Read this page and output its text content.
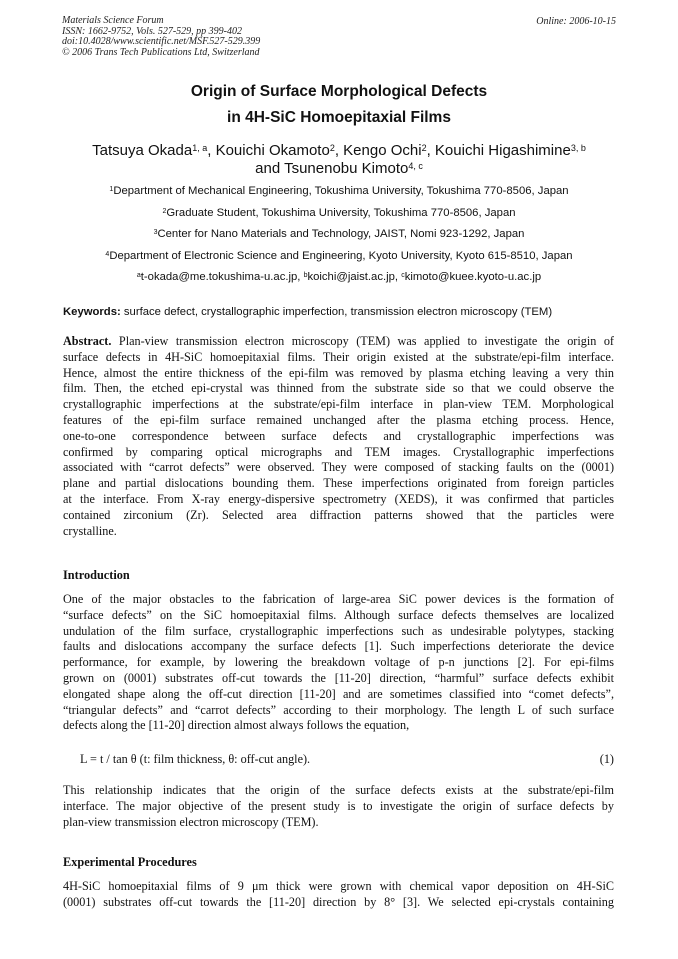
Materials Science Forum
ISSN: 1662-9752, Vols. 527-529, pp 399-402
doi:10.4028/www.scientific.net/MSF.527-529.399
© 2006 Trans Tech Publications Ltd, Switzerland
Online: 2006-10-15
Origin of Surface Morphological Defects
in 4H-SiC Homoepitaxial Films
Tatsuya Okada$^{1, a}$, Kouichi Okamoto$^2$, Kengo Ochi$^2$, Kouichi Higashimine$^{3, b}$
and Tsunenobu Kimoto$^{4, c}$
$^1$Department of Mechanical Engineering, Tokushima University, Tokushima 770-8506, Japan
$^2$Graduate Student, Tokushima University, Tokushima 770-8506, Japan
$^3$Center for Nano Materials and Technology, JAIST, Nomi 923-1292, Japan
$^4$Department of Electronic Science and Engineering, Kyoto University, Kyoto 615-8510, Japan
$^a$t-okada@me.tokushima-u.ac.jp, $^b$koichi@jaist.ac.jp, $^c$kimoto@kuee.kyoto-u.ac.jp
Keywords: surface defect, crystallographic imperfection, transmission electron microscopy (TEM)
Abstract. Plan-view transmission electron microscopy (TEM) was applied to investigate the origin of
surface defects in 4H-SiC homoepitaxial films. Their origin existed at the substrate/epi-film interface.
Hence, almost the entire thickness of the epi-film was removed by plasma etching leaving a very thin
film. Then, the etched epi-crystal was thinned from the substrate side so that we could observe the
crystallographic imperfections at the substrate/epi-film interface in plan-view TEM. Morphological
features of the epi-film surface remained unchanged after the plasma etching process. Hence,
one-to-one correspondence between surface defects and crystallographic imperfections was
confirmed by comparing optical micrographs and TEM images. Crystallographic imperfections
associated with “carrot defects” were observed. They were composed of stacking faults on the (0001)
plane and partial dislocations bounding them. These imperfections originated from foreign particles
at the interface. From X-ray energy-dispersive spectrometry (XEDS), it was confirmed that particles
contained zirconium (Zr). Selected area diffraction patterns showed that the particles were
crystalline.
Introduction
One of the major obstacles to the fabrication of large-area SiC power devices is the formation of
“surface defects” on the SiC homoepitaxial films. Although surface defects themselves are localized
undulation of the film surface, crystallographic imperfections such as undesirable polytypes, stacking
faults and dislocations accompany the surface defects [1]. Such imperfections deteriorate the device
performance, for example, by lowering the breakdown voltage of p-n junctions [2]. For epi-films
grown on (0001) substrates off-cut towards the [11-20] direction, “harmful” surface defects exhibit
elongated shape along the off-cut direction [11-20] and are sometimes classified into “comet defects”,
“triangular defects” and “carrot defects” according to their morphology. The length L of such surface
defects along the [11-20] direction almost always follows the equation,
L = t / tan θ (t: film thickness, θ: off-cut angle).	(1)
This relationship indicates that the origin of the surface defects exists at the substrate/epi-film
interface. The major objective of the present study is to investigate the origin of surface defects by
plan-view transmission electron microscopy (TEM).
Experimental Procedures
4H-SiC homoepitaxial films of 9 μm thick were grown with chemical vapor deposition on 4H-SiC
(0001) substrates off-cut towards the [11-20] direction by 8° [3]. We selected epi-crystals containing
